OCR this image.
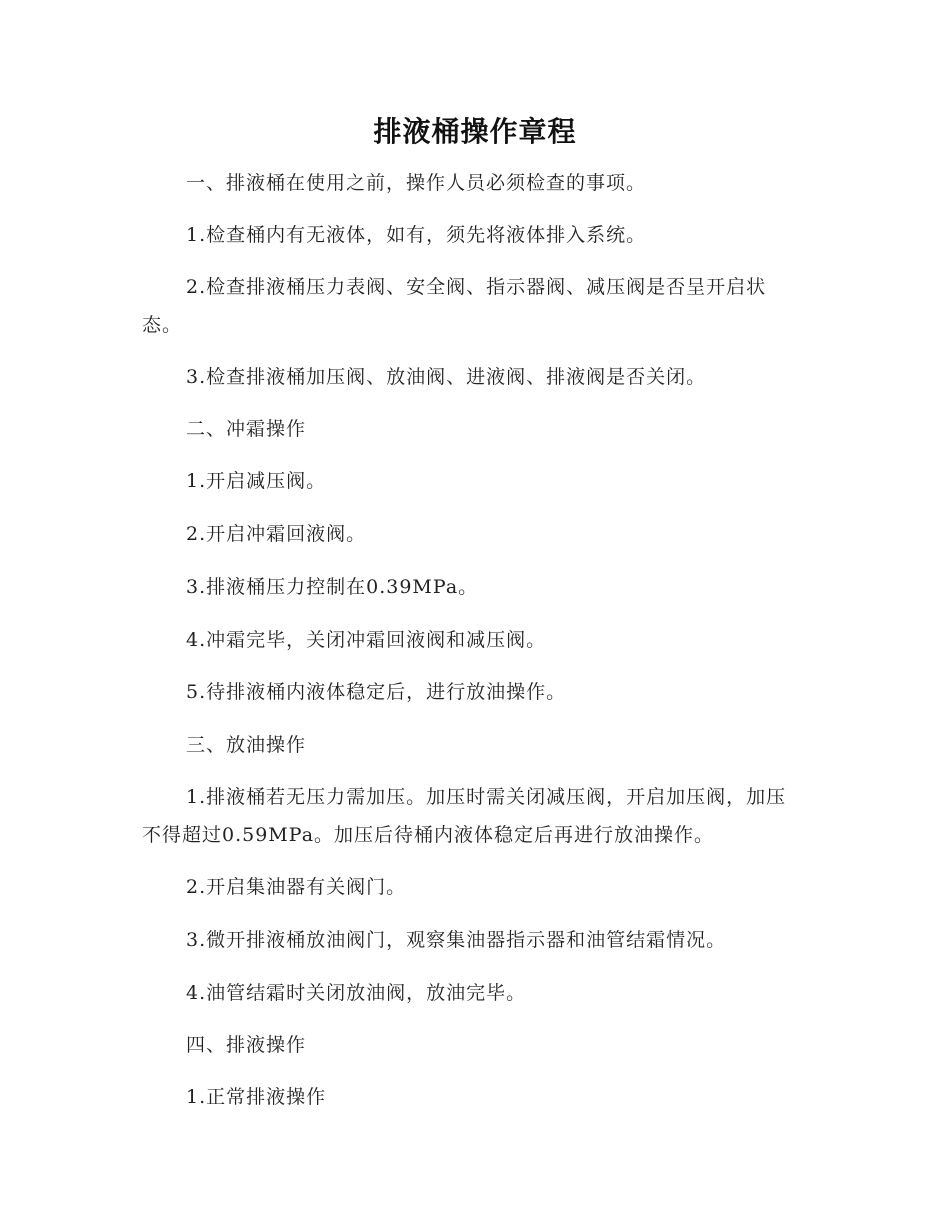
排液桶操作章程
一、排液桶在使用之前，操作人员必须检查的事项。
1.检查桶内有无液体，如有，须先将液体排入系统。
2.检查排液桶压力表阀、安全阀、指示器阀、减压阀是否呈开启状态。
3.检查排液桶加压阀、放油阀、进液阀、排液阀是否关闭。
二、冲霜操作
1.开启减压阀。
2.开启冲霜回液阀。
3.排液桶压力控制在0.39MPa。
4.冲霜完毕，关闭冲霜回液阀和减压阀。
5.待排液桶内液体稳定后，进行放油操作。
三、放油操作
1.排液桶若无压力需加压。加压时需关闭减压阀，开启加压阀，加压不得超过0.59MPa。加压后待桶内液体稳定后再进行放油操作。
2.开启集油器有关阀门。
3.微开排液桶放油阀门，观察集油器指示器和油管结霜情况。
4.油管结霜时关闭放油阀，放油完毕。
四、排液操作
1.正常排液操作
